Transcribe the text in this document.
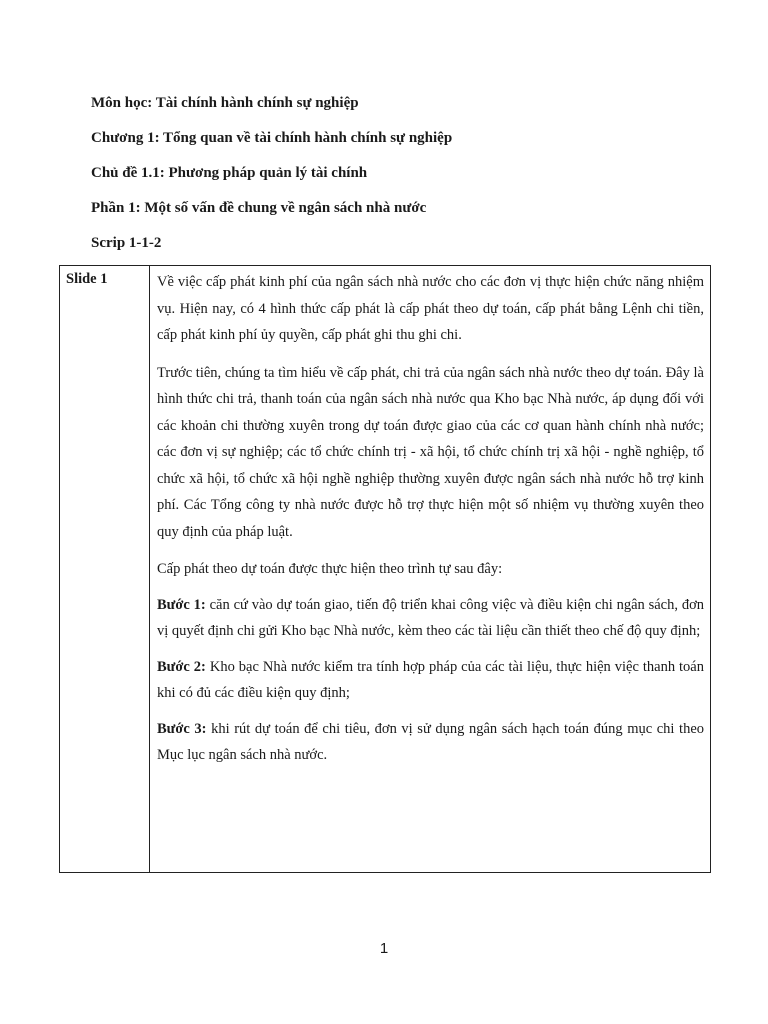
Môn học: Tài chính hành chính sự nghiệp
Chương 1: Tổng quan về tài chính hành chính sự nghiệp
Chủ đề 1.1: Phương pháp quản lý tài chính
Phần 1: Một số vấn đề chung về ngân sách nhà nước
Scrip 1-1-2
Slide 1	Về việc cấp phát kinh phí của ngân sách nhà nước cho các đơn vị thực hiện chức năng nhiệm vụ. Hiện nay, có 4 hình thức cấp phát là cấp phát theo dự toán, cấp phát bằng Lệnh chi tiền, cấp phát kinh phí ủy quyền, cấp phát ghi thu ghi chi.

Trước tiên, chúng ta tìm hiểu về cấp phát, chi trả của ngân sách nhà nước theo dự toán. Đây là hình thức chi trả, thanh toán của ngân sách nhà nước qua Kho bạc Nhà nước, áp dụng đối với các khoản chi thường xuyên trong dự toán được giao của các cơ quan hành chính nhà nước; các đơn vị sự nghiệp; các tổ chức chính trị - xã hội, tổ chức chính trị xã hội - nghề nghiệp, tổ chức xã hội, tổ chức xã hội nghề nghiệp thường xuyên được ngân sách nhà nước hỗ trợ kinh phí. Các Tổng công ty nhà nước được hỗ trợ thực hiện một số nhiệm vụ thường xuyên theo quy định của pháp luật.

Cấp phát theo dự toán được thực hiện theo trình tự sau đây:

Bước 1: căn cứ vào dự toán giao, tiến độ triển khai công việc và điều kiện chi ngân sách, đơn vị quyết định chi gửi Kho bạc Nhà nước, kèm theo các tài liệu cần thiết theo chế độ quy định;

Bước 2: Kho bạc Nhà nước kiểm tra tính hợp pháp của các tài liệu, thực hiện việc thanh toán khi có đủ các điều kiện quy định;

Bước 3: khi rút dự toán để chi tiêu, đơn vị sử dụng ngân sách hạch toán đúng mục chi theo Mục lục ngân sách nhà nước.

1
